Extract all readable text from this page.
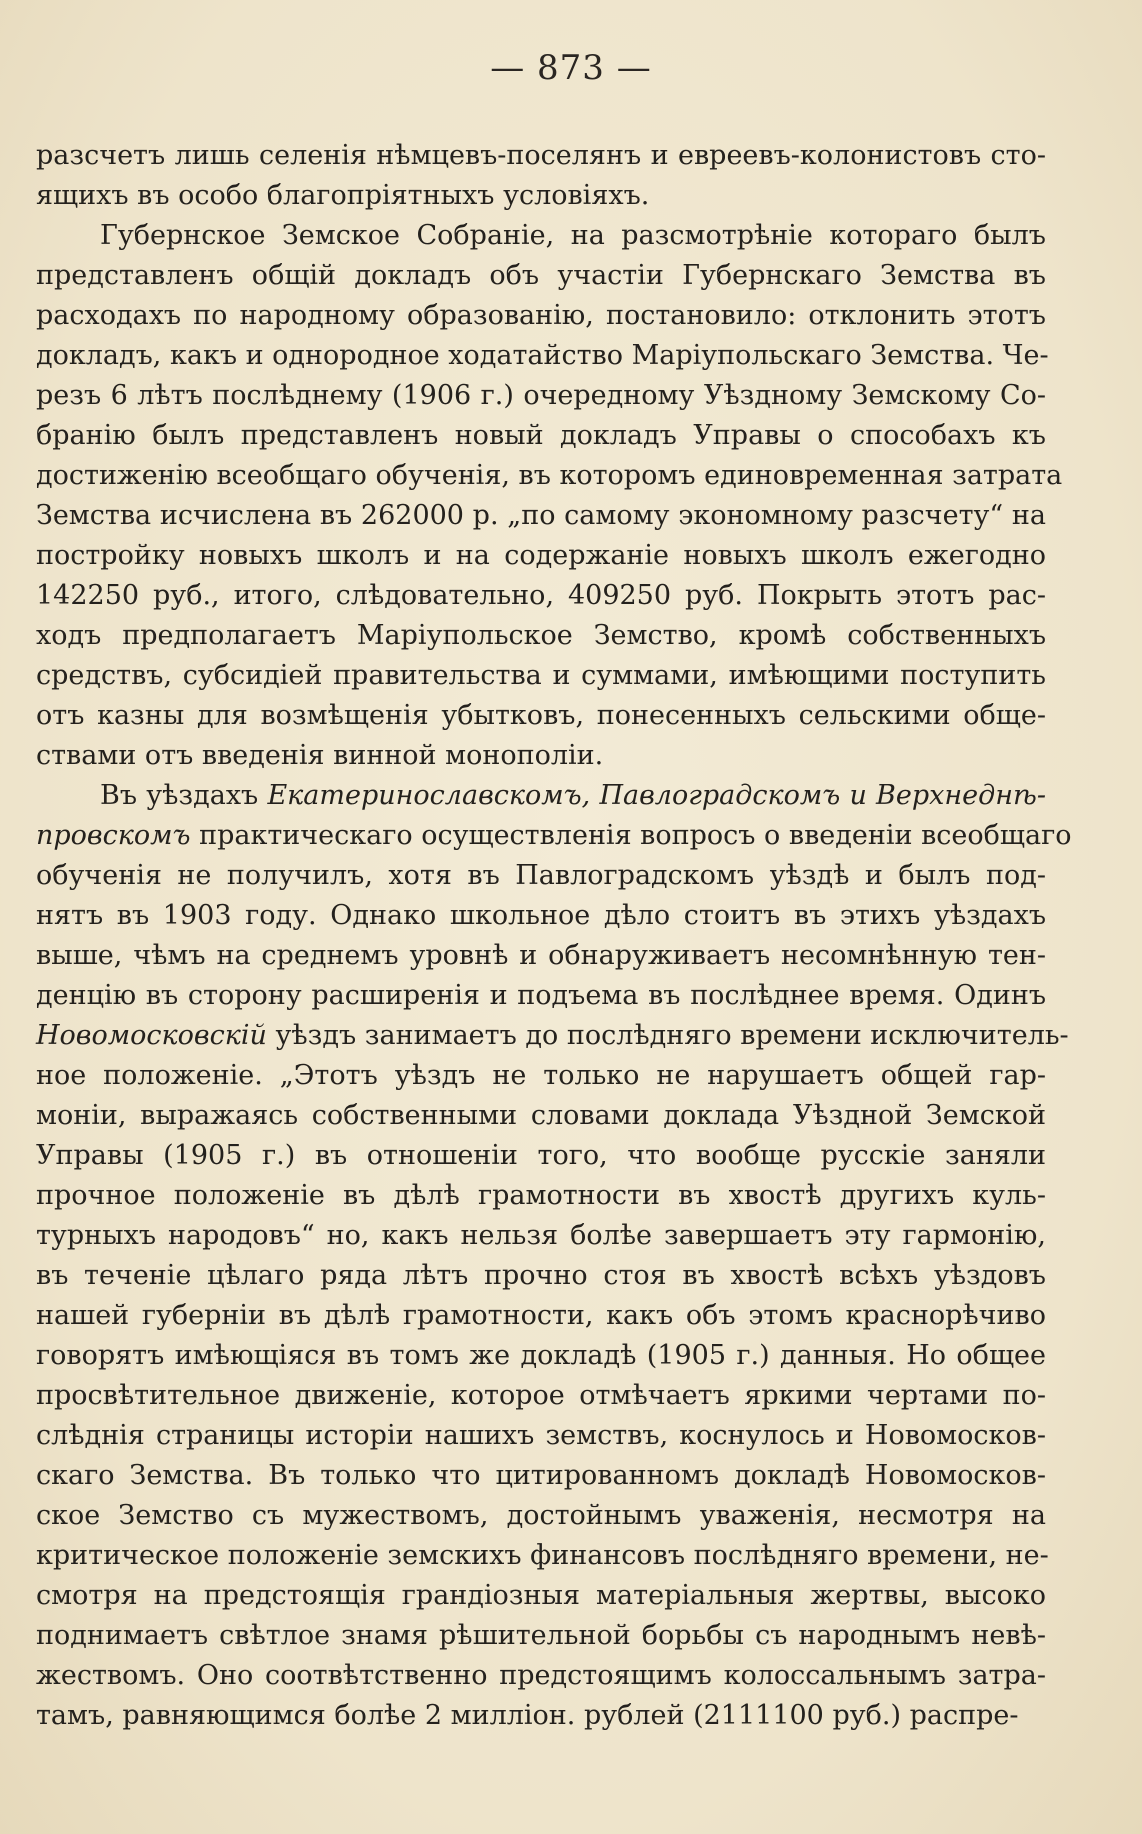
— 873 —

разсчетъ лишь селенія нѣмцевъ-поселянъ и евреевъ-колонистовъ сто-
ящихъ въ особо благопріятныхъ условіяхъ.

Губернское Земское Собраніе, на разсмотрѣніе котораго былъ
представленъ общій докладъ объ участіи Губернскаго Земства въ
расходахъ по народному образованію, постановило: отклонить этотъ
докладъ, какъ и однородное ходатайство Маріупольскаго Земства. Че-
резъ 6 лѣтъ послѣднему (1906 г.) очередному Уѣздному Земскому Со-
бранію былъ представленъ новый докладъ Управы о способахъ къ
достиженію всеобщаго обученія, въ которомъ единовременная затрата
Земства исчислена въ 262000 р. „по самому экономному разсчету“ на
постройку новыхъ школъ и на содержаніе новыхъ школъ ежегодно
142250 руб., итого, слѣдовательно, 409250 руб. Покрыть этотъ рас-
ходъ предполагаетъ Маріупольское Земство, кромѣ собственныхъ
средствъ, субсидіей правительства и суммами, имѣющими поступить
отъ казны для возмѣщенія убытковъ, понесенныхъ сельскими обще-
ствами отъ введенія винной монополіи.

Въ уѣздахъ Екатеринославскомъ, Павлоградскомъ и Верхнеднѣ-
провскомъ практическаго осуществленія вопросъ о введеніи всеобщаго
обученія не получилъ, хотя въ Павлоградскомъ уѣздѣ и былъ под-
нятъ въ 1903 году. Однако школьное дѣло стоитъ въ этихъ уѣздахъ
выше, чѣмъ на среднемъ уровнѣ и обнаруживаетъ несомнѣнную тен-
денцію въ сторону расширенія и подъема въ послѣднее время. Одинъ
Новомосковскій уѣздъ занимаетъ до послѣдняго времени исключитель-
ное положеніе. „Этотъ уѣздъ не только не нарушаетъ общей гар-
моніи, выражаясь собственными словами доклада Уѣздной Земской
Управы (1905 г.) въ отношеніи того, что вообще русскіе заняли
прочное положеніе въ дѣлѣ грамотности въ хвостѣ другихъ куль-
турныхъ народовъ“ но, какъ нельзя болѣе завершаетъ эту гармонію,
въ теченіе цѣлаго ряда лѣтъ прочно стоя въ хвостѣ всѣхъ уѣздовъ
нашей губерніи въ дѣлѣ грамотности, какъ объ этомъ краснорѣчиво
говорятъ имѣющіяся въ томъ же докладѣ (1905 г.) данныя. Но общее
просвѣтительное движеніе, которое отмѣчаетъ яркими чертами по-
слѣднія страницы исторіи нашихъ земствъ, коснулось и Новомосков-
скаго Земства. Въ только что цитированномъ докладѣ Новомосков-
ское Земство съ мужествомъ, достойнымъ уваженія, несмотря на
критическое положеніе земскихъ финансовъ послѣдняго времени, не-
смотря на предстоящія грандіозныя матеріальныя жертвы, высоко
поднимаетъ свѣтлое знамя рѣшительной борьбы съ народнымъ невѣ-
жествомъ. Оно соотвѣтственно предстоящимъ колоссальнымъ затра-
тамъ, равняющимся болѣе 2 миллiон. рублей (2111100 руб.) распре-
